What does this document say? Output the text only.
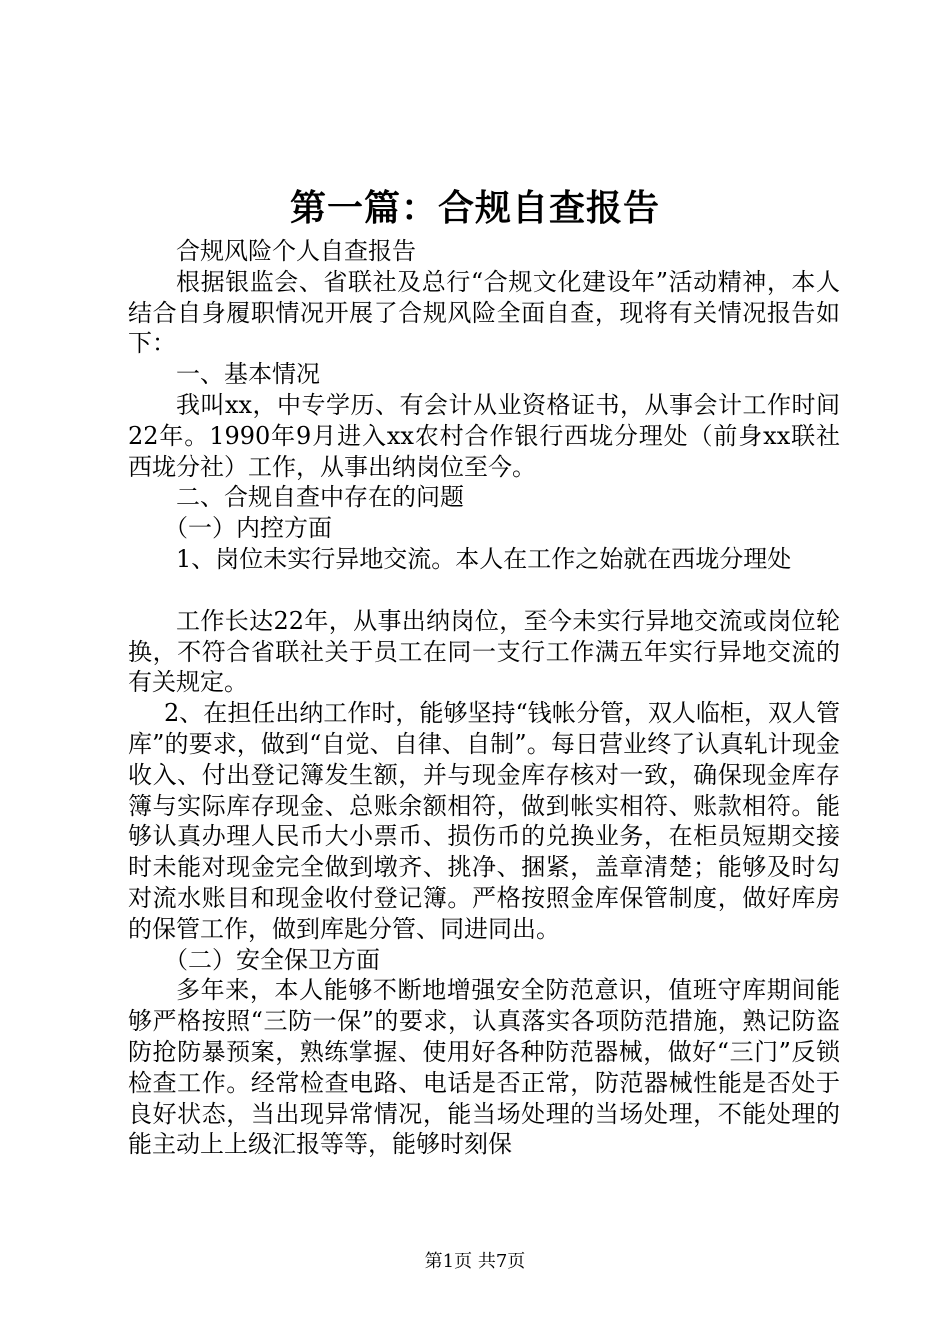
第一篇：合规自查报告

合规风险个人自查报告

根据银监会、省联社及总行“合规文化建设年”活动精神，本人结合自身履职情况开展了合规风险全面自查，现将有关情况报告如下：

一、基本情况

我叫xx，中专学历、有会计从业资格证书，从事会计工作时间22年。1990年9月进入xx农村合作银行西垅分理处（前身xx联社西垅分社）工作，从事出纳岗位至今。

二、合规自查中存在的问题

（一）内控方面

1、岗位未实行异地交流。本人在工作之始就在西垅分理处

工作长达22年，从事出纳岗位，至今未实行异地交流或岗位轮换，不符合省联社关于员工在同一支行工作满五年实行异地交流的有关规定。

2、在担任出纳工作时，能够坚持“钱帐分管，双人临柜，双人管库”的要求，做到“自觉、自律、自制”。每日营业终了认真轧计现金收入、付出登记簿发生额，并与现金库存核对一致，确保现金库存簿与实际库存现金、总账余额相符，做到帐实相符、账款相符。能够认真办理人民币大小票币、损伤币的兑换业务，在柜员短期交接时未能对现金完全做到墩齐、挑净、捆紧，盖章清楚；能够及时勾对流水账目和现金收付登记簿。严格按照金库保管制度，做好库房的保管工作，做到库匙分管、同进同出。

（二）安全保卫方面

多年来，本人能够不断地增强安全防范意识，值班守库期间能够严格按照“三防一保”的要求，认真落实各项防范措施，熟记防盗防抢防暴预案，熟练掌握、使用好各种防范器械，做好“三门”反锁检查工作。经常检查电路、电话是否正常，防范器械性能是否处于良好状态，当出现异常情况，能当场处理的当场处理，不能处理的能主动上上级汇报等等，能够时刻保

第1页 共7页
